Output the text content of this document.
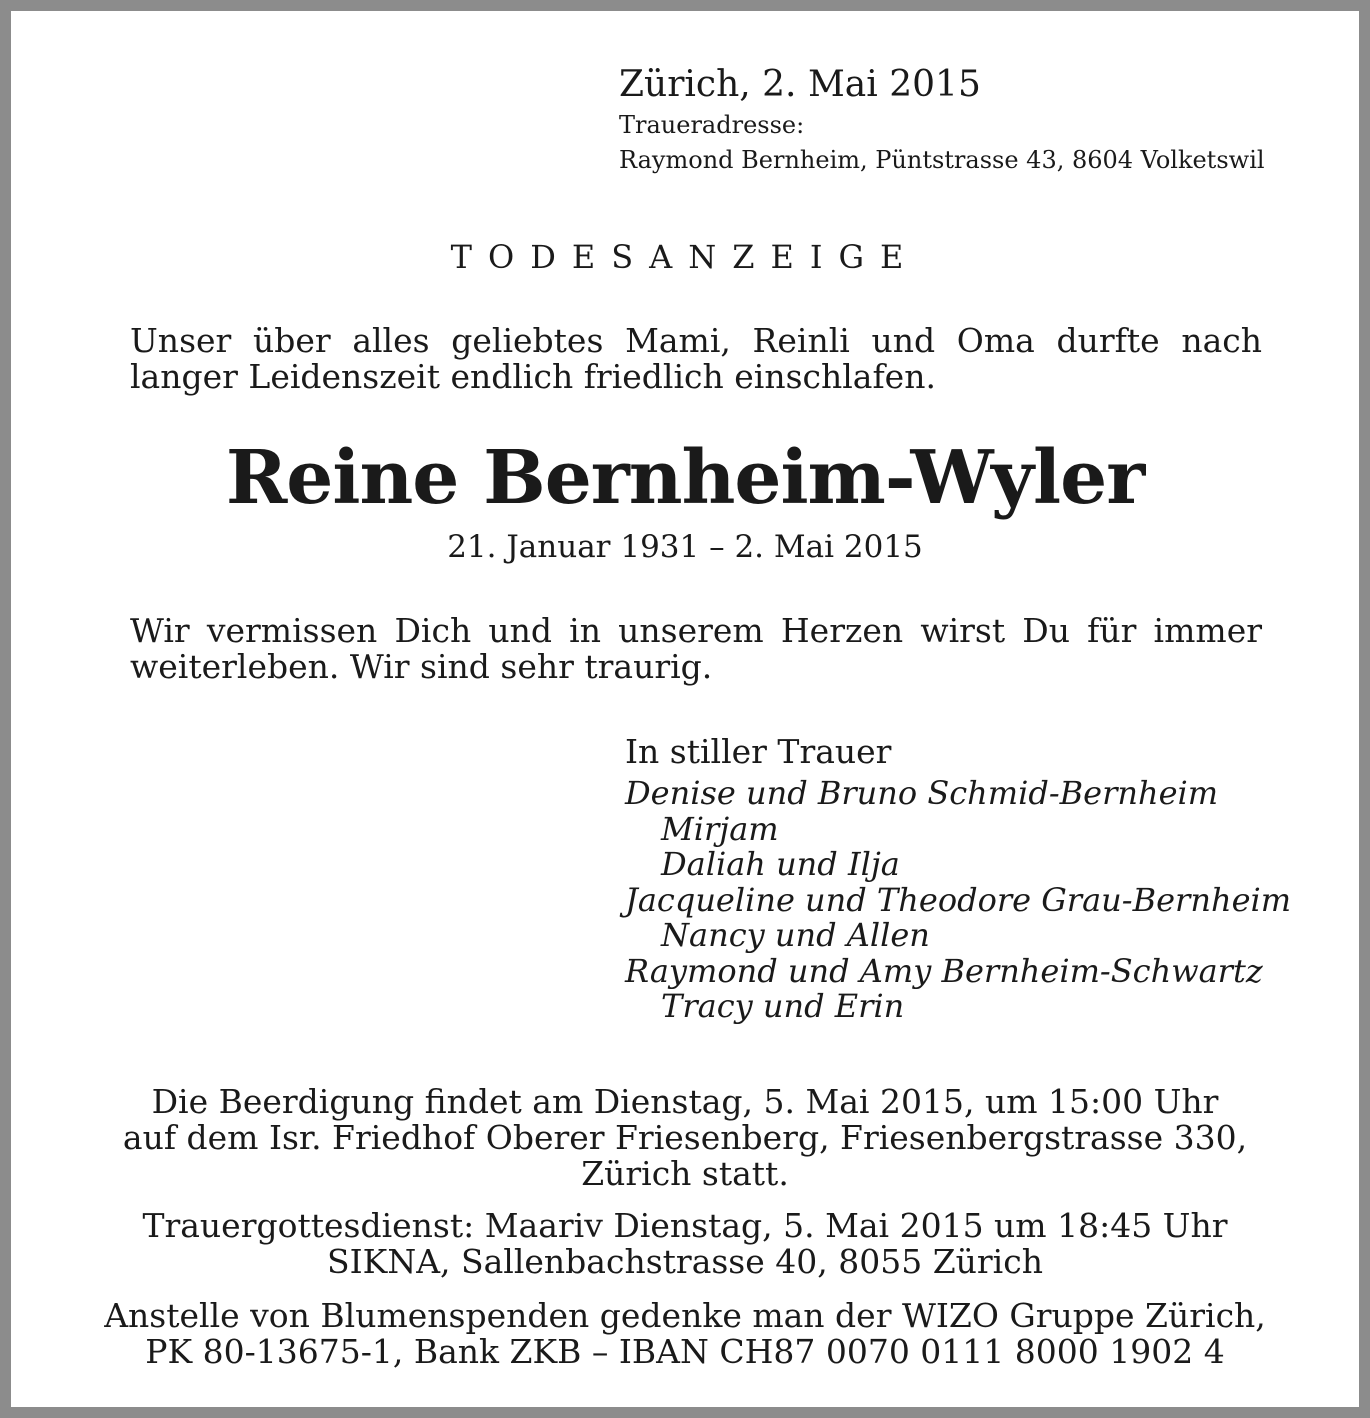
Zürich, 2. Mai 2015
Traueradresse:
Raymond Bernheim, Püntstrasse 43, 8604 Volketswil
TODESANZEIGE
Unser über alles geliebtes Mami, Reinli und Oma durfte nach langer Leidenszeit endlich friedlich einschlafen.
Reine Bernheim-Wyler
21. Januar 1931 – 2. Mai 2015
Wir vermissen Dich und in unserem Herzen wirst Du für immer weiterleben. Wir sind sehr traurig.
In stiller Trauer
Denise und Bruno Schmid-Bernheim
Mirjam
Daliah und Ilja
Jacqueline und Theodore Grau-Bernheim
Nancy und Allen
Raymond und Amy Bernheim-Schwartz
Tracy und Erin
Die Beerdigung findet am Dienstag, 5. Mai 2015, um 15:00 Uhr
auf dem Isr. Friedhof Oberer Friesenberg, Friesenbergstrasse 330,
Zürich statt.
Trauergottesdienst: Maariv Dienstag, 5. Mai 2015 um 18:45 Uhr
SIKNA, Sallenbachstrasse 40, 8055 Zürich
Anstelle von Blumenspenden gedenke man der WIZO Gruppe Zürich,
PK 80-13675-1, Bank ZKB – IBAN CH87 0070 0111 8000 1902 4
